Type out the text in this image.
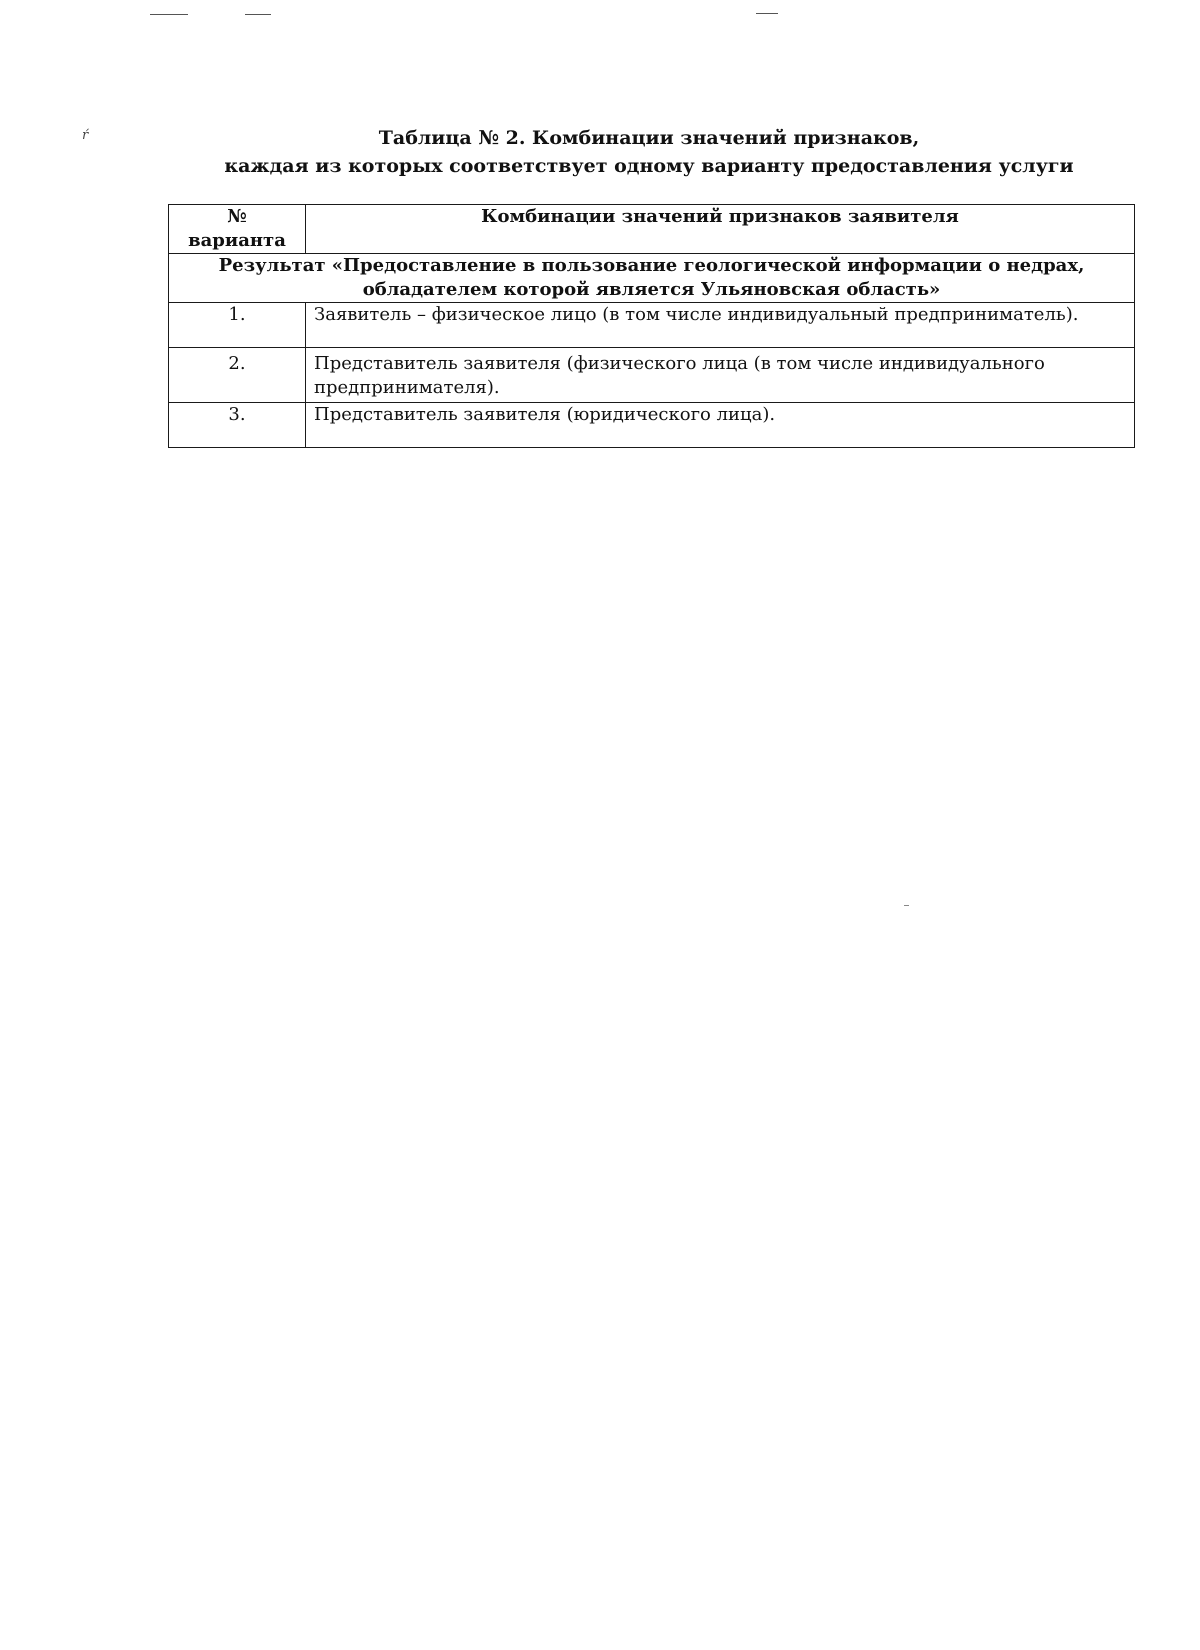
ŕ	Таблица № 2. Комбинации значений признаков,
каждая из которых соответствует одному варианту предоставления услуги
№
варианта	Комбинации значений признаков заявителя

Результат «Предоставление в пользование геологической информации о недрах,
обладателем которой является Ульяновская область»	

1.	Заявитель – физическое лицо (в том числе индивидуальный предприниматель).
2.	Представитель заявителя (физического лица (в том числе индивидуального предпринимателя).
3.	Представитель заявителя (юридического лица).
